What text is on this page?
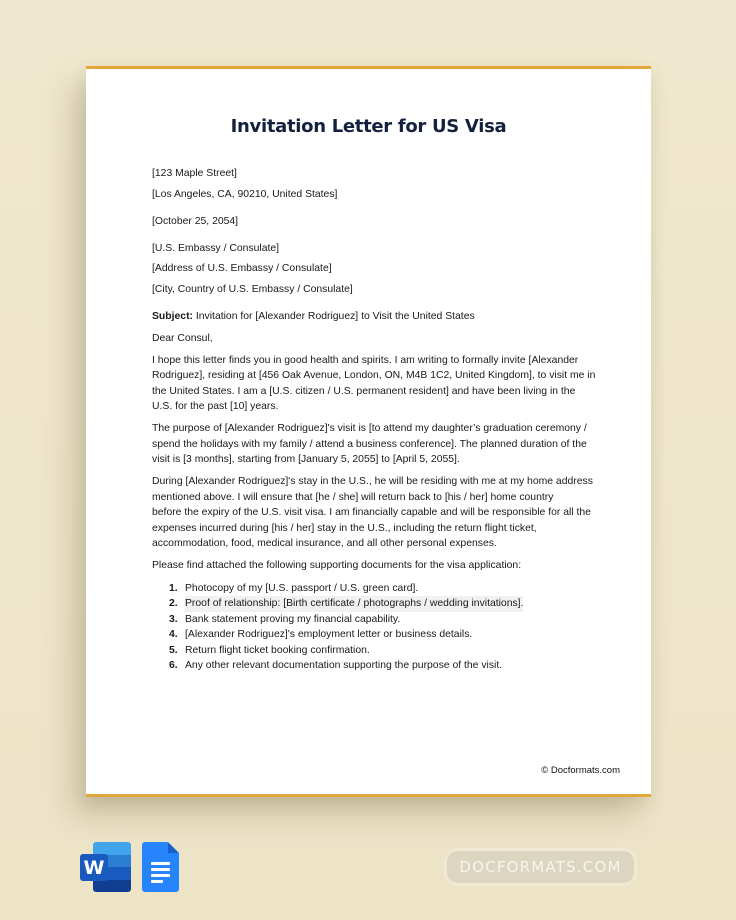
Invitation Letter for US Visa
[123 Maple Street]
[Los Angeles, CA, 90210, United States]
[October 25, 2054]
[U.S. Embassy / Consulate]
[Address of U.S. Embassy / Consulate]
[City, Country of U.S. Embassy / Consulate]
Subject: Invitation for [Alexander Rodriguez] to Visit the United States
Dear Consul,
I hope this letter finds you in good health and spirits. I am writing to formally invite [Alexander
Rodriguez], residing at [456 Oak Avenue, London, ON, M4B 1C2, United Kingdom], to visit me in
the United States. I am a [U.S. citizen / U.S. permanent resident] and have been living in the
U.S. for the past [10] years.
The purpose of [Alexander Rodriguez]'s visit is [to attend my daughter’s graduation ceremony /
spend the holidays with my family / attend a business conference]. The planned duration of the
visit is [3 months], starting from [January 5, 2055] to [April 5, 2055].
During [Alexander Rodriguez]'s stay in the U.S., he will be residing with me at my home address
mentioned above. I will ensure that [he / she] will return back to [his / her] home country
before the expiry of the U.S. visit visa. I am financially capable and will be responsible for all the
expenses incurred during [his / her] stay in the U.S., including the return flight ticket,
accommodation, food, medical insurance, and all other personal expenses.
Please find attached the following supporting documents for the visa application:
1. Photocopy of my [U.S. passport / U.S. green card].
2. Proof of relationship: [Birth certificate / photographs / wedding invitations].
3. Bank statement proving my financial capability.
4. [Alexander Rodriguez]'s employment letter or business details.
5. Return flight ticket booking confirmation.
6. Any other relevant documentation supporting the purpose of the visit.
© Docformats.com
W	DOCFORMATS.COM
